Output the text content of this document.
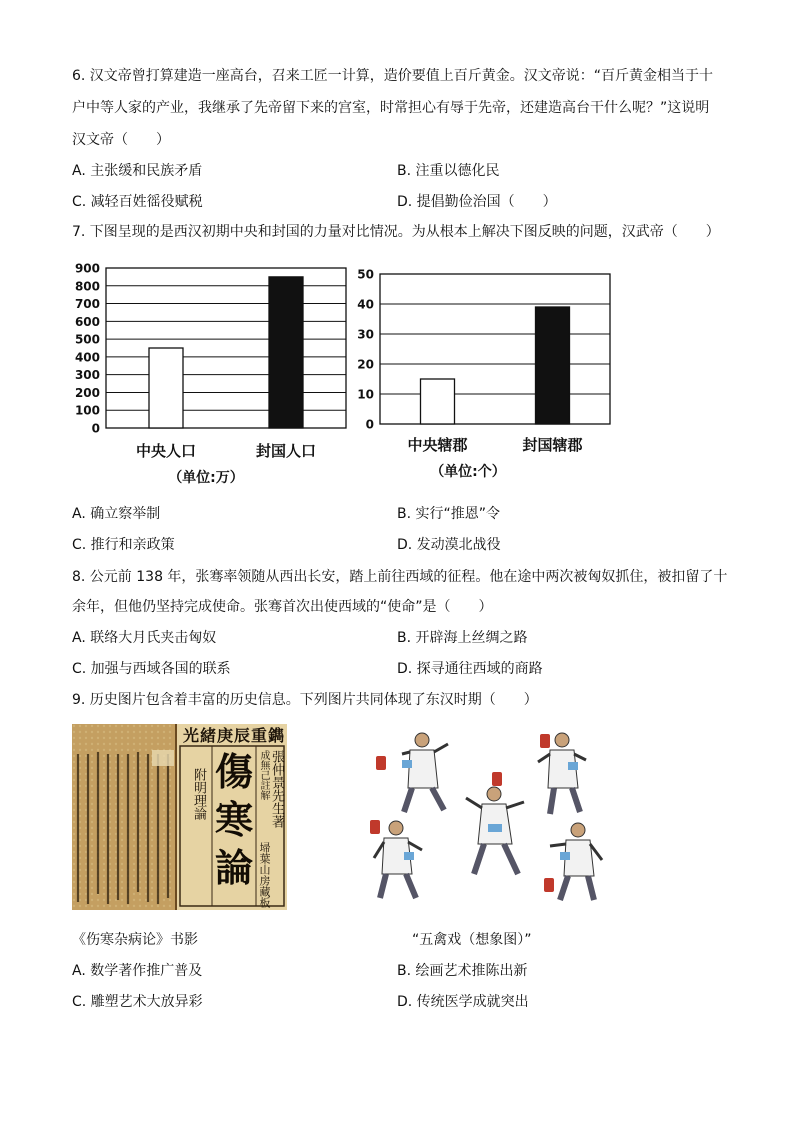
6. 汉文帝曾打算建造一座高台，召来工匠一计算，造价要值上百斤黄金。汉文帝说：“百斤黄金相当于十
户中等人家的产业，我继承了先帝留下来的宫室，时常担心有辱于先帝，还建造高台干什么呢？”这说明
汉文帝（　　）
A. 主张缓和民族矛盾	B. 注重以德化民
C. 减轻百姓徭役赋税	D. 提倡勤俭治国（　　）
7. 下图呈现的是西汉初期中央和封国的力量对比情况。为从根本上解决下图反映的问题，汉武帝（　　）
0
100
200
300
400
500
600
700
800
900
中央人口	封国人口
（单位:万）
0
10
20
30
40
50
中央辖郡	封国辖郡
（单位:个）
A. 确立察举制	B. 实行“推恩”令
C. 推行和亲政策	D. 发动漠北战役
8. 公元前 138 年，张骞率领随从西出长安，踏上前往西域的征程。他在途中两次被匈奴抓住，被扣留了十
余年，但他仍坚持完成使命。张骞首次出使西域的“使命”是（　　）
A. 联络大月氏夹击匈奴	B. 开辟海上丝绸之路
C. 加强与西域各国的联系	D. 探寻通往西域的商路
9. 历史图片包含着丰富的历史信息。下列图片共同体现了东汉时期（　　）
光緒庚辰重鐫
附明理論 傷
寒
論
張仲景先生著
成無己註解
埽葉山房藏板
《伤寒杂病论》书影	“五禽戏（想象图）”
A. 数学著作推广普及	B. 绘画艺术推陈出新
C. 雕塑艺术大放异彩	D. 传统医学成就突出
